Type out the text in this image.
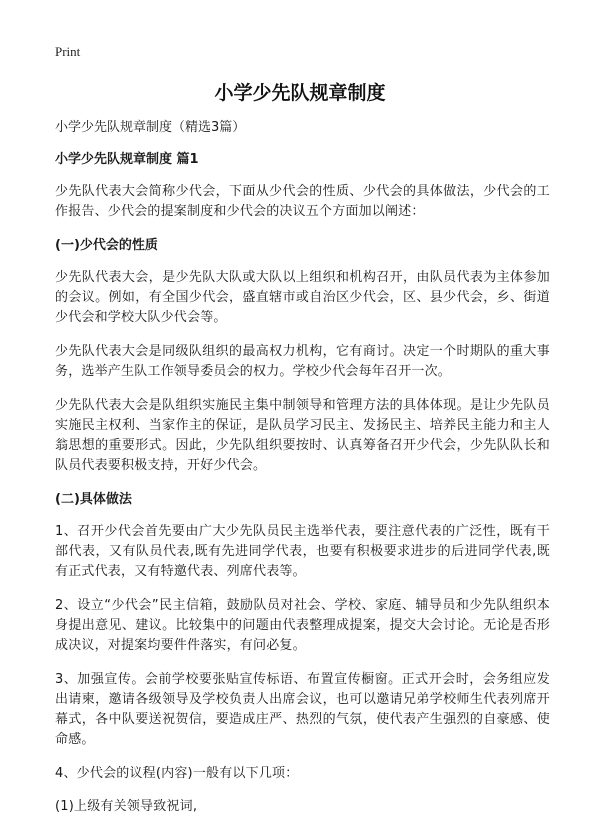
Print
小学少先队规章制度

小学少先队规章制度（精选3篇）

小学少先队规章制度 篇1

少先队代表大会简称少代会，下面从少代会的性质、少代会的具体做法，少代会的工作报告、少代会的提案制度和少代会的决议五个方面加以阐述：

(一)少代会的性质

少先队代表大会，是少先队大队或大队以上组织和机构召开，由队员代表为主体参加的会议。例如，有全国少代会，盛直辖市或自治区少代会，区、县少代会，乡、街道少代会和学校大队少代会等。

少先队代表大会是同级队组织的最高权力机构，它有商讨。决定一个时期队的重大事务，选举产生队工作领导委员会的权力。学校少代会每年召开一次。

少先队代表大会是队组织实施民主集中制领导和管理方法的具体体现。是让少先队员实施民主权利、当家作主的保证，是队员学习民主、发扬民主、培养民主能力和主人翁思想的重要形式。因此，少先队组织要按时、认真筹备召开少代会，少先队队长和队员代表要积极支持，开好少代会。

(二)具体做法

1、召开少代会首先要由广大少先队员民主选举代表，要注意代表的广泛性，既有干部代表，又有队员代表,既有先进同学代表，也要有积极要求进步的后进同学代表,既有正式代表，又有特邀代表、列席代表等。

2、设立“少代会”民主信箱，鼓励队员对社会、学校、家庭、辅导员和少先队组织本身提出意见、建议。比较集中的问题由代表整理成提案，提交大会讨论。无论是否形成决议，对提案均要件件落实，有问必复。

3、加强宣传。会前学校要张贴宣传标语、布置宣传橱窗。正式开会时，会务组应发出请柬，邀请各级领导及学校负责人出席会议，也可以邀请兄弟学校师生代表列席开幕式，各中队要送祝贺信，要造成庄严、热烈的气氛，使代表产生强烈的自豪感、使命感。

4、少代会的议程(内容)一般有以下几项：

(1)上级有关领导致祝词,
